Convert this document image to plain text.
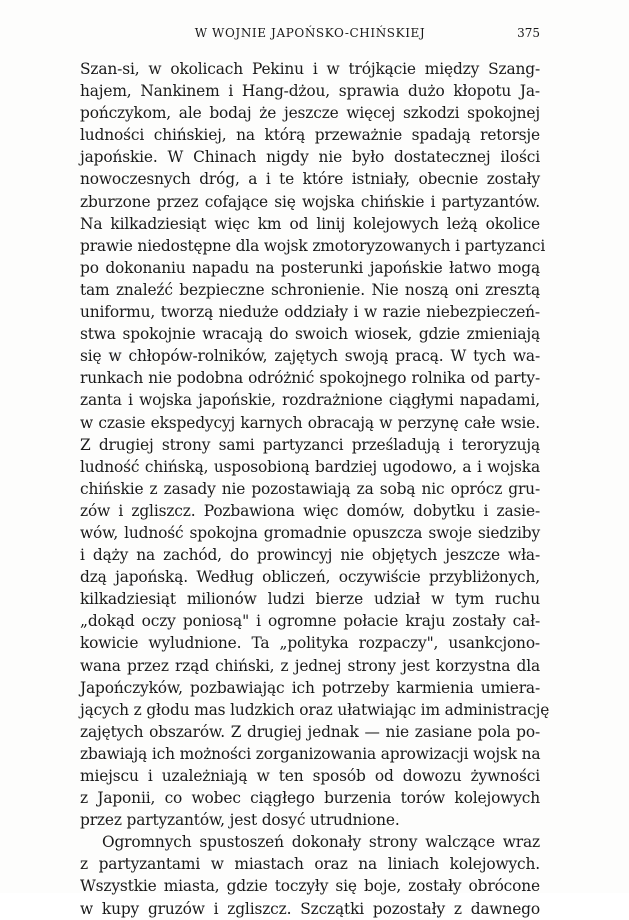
W WOJNIE JAPOŃSKO-CHIŃSKIEJ	375
Szan-si, w okolicach Pekinu i w trójkącie między Szang-
hajem, Nankinem i Hang-dżou, sprawia dużo kłopotu Ja-
pończykom, ale bodaj że jeszcze więcej szkodzi spokojnej
ludności chińskiej, na którą przeważnie spadają retorsje
japońskie. W Chinach nigdy nie było dostatecznej ilości
nowoczesnych dróg, a i te które istniały, obecnie zostały
zburzone przez cofające się wojska chińskie i partyzantów.
Na kilkadziesiąt więc km od linij kolejowych leżą okolice
prawie niedostępne dla wojsk zmotoryzowanych i partyzanci
po dokonaniu napadu na posterunki japońskie łatwo mogą
tam znaleźć bezpieczne schronienie. Nie noszą oni zresztą
uniformu, tworzą nieduże oddziały i w razie niebezpieczeń-
stwa spokojnie wracają do swoich wiosek, gdzie zmieniają
się w chłopów-rolników, zajętych swoją pracą. W tych wa-
runkach nie podobna odróżnić spokojnego rolnika od party-
zanta i wojska japońskie, rozdrażnione ciągłymi napadami,
w czasie ekspedycyj karnych obracają w perzynę całe wsie.
Z drugiej strony sami partyzanci prześladują i teroryzują
ludność chińską, usposobioną bardziej ugodowo, a i wojska
chińskie z zasady nie pozostawiają za sobą nic oprócz gru-
zów i zgliszcz. Pozbawiona więc domów, dobytku i zasie-
wów, ludność spokojna gromadnie opuszcza swoje siedziby
i dąży na zachód, do prowincyj nie objętych jeszcze wła-
dzą japońską. Według obliczeń, oczywiście przybliżonych,
kilkadziesiąt milionów ludzi bierze udział w tym ruchu
„dokąd oczy poniosą" i ogromne połacie kraju zostały cał-
kowicie wyludnione. Ta „polityka rozpaczy", usankcjono-
wana przez rząd chiński, z jednej strony jest korzystna dla
Japończyków, pozbawiając ich potrzeby karmienia umiera-
jących z głodu mas ludzkich oraz ułatwiając im administrację
zajętych obszarów. Z drugiej jednak — nie zasiane pola po-
zbawiają ich możności zorganizowania aprowizacji wojsk na
miejscu i uzależniają w ten sposób od dowozu żywności
z Japonii, co wobec ciągłego burzenia torów kolejowych
przez partyzantów, jest dosyć utrudnione.
Ogromnych spustoszeń dokonały strony walczące wraz
z partyzantami w miastach oraz na liniach kolejowych.
Wszystkie miasta, gdzie toczyły się boje, zostały obrócone
w kupy gruzów i zgliszcz. Szczątki pozostały z dawnego
